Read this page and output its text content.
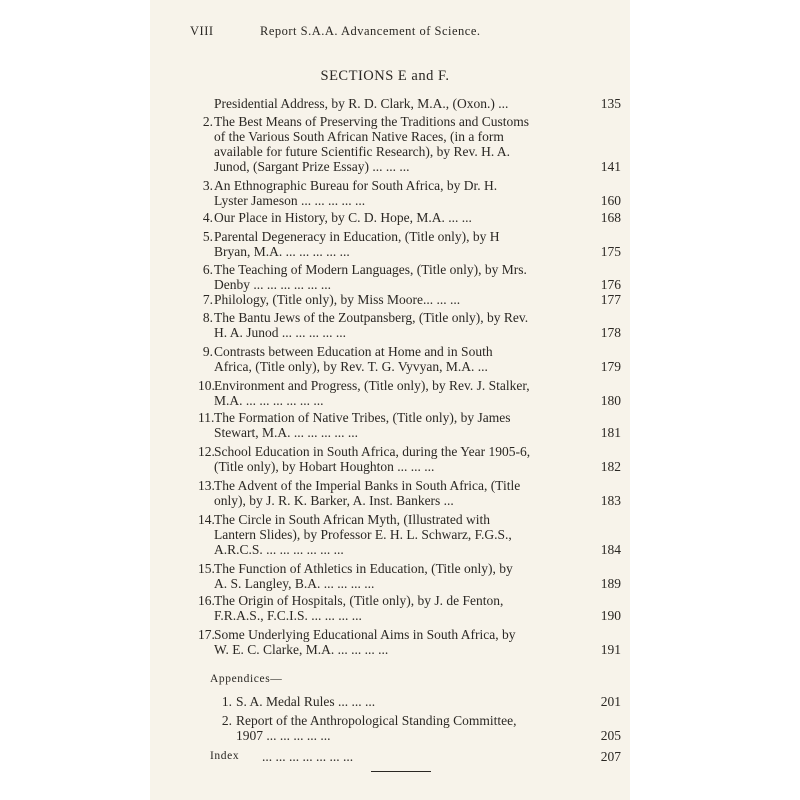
VIII	Report S.A.A. Advancement of Science.
SECTIONS E and F.
Presidential Address, by R. D. Clark, M.A., (Oxon.) ...	135
2. The Best Means of Preserving the Traditions and Customs
of the Various South African Native Races, (in a form
available for future Scientific Research), by Rev. H. A.
Junod, (Sargant Prize Essay) ... ... ...	141
3. An Ethnographic Bureau for South Africa, by Dr. H.
Lyster Jameson ... ... ... ... ...	160
4. Our Place in History, by C. D. Hope, M.A. ... ...	168
5. Parental Degeneracy in Education, (Title only), by H
Bryan, M.A. ... ... ... ... ...	175
6. The Teaching of Modern Languages, (Title only), by Mrs.
Denby ... ... ... ... ... ...	176
7. Philology, (Title only), by Miss Moore... ... ...	177
8. The Bantu Jews of the Zoutpansberg, (Title only), by Rev.
H. A. Junod ... ... ... ... ...	178
9. Contrasts between Education at Home and in South
Africa, (Title only), by Rev. T. G. Vyvyan, M.A. ...	179
10. Environment and Progress, (Title only), by Rev. J. Stalker,
M.A. ... ... ... ... ... ...	180
11. The Formation of Native Tribes, (Title only), by James
Stewart, M.A. ... ... ... ... ...	181
12. School Education in South Africa, during the Year 1905-6,
(Title only), by Hobart Houghton ... ... ...	182
13. The Advent of the Imperial Banks in South Africa, (Title
only), by J. R. K. Barker, A. Inst. Bankers ...	183
14. The Circle in South African Myth, (Illustrated with
Lantern Slides), by Professor E. H. L. Schwarz, F.G.S.,
A.R.C.S. ... ... ... ... ... ...	184
15. The Function of Athletics in Education, (Title only), by
A. S. Langley, B.A. ... ... ... ...	189
16. The Origin of Hospitals, (Title only), by J. de Fenton,
F.R.A.S., F.C.I.S. ... ... ... ...	190
17. Some Underlying Educational Aims in South Africa, by
W. E. C. Clarke, M.A. ... ... ... ...	191
Appendices—
1. S. A. Medal Rules ... ... ...	201
2. Report of the Anthropological Standing Committee,
1907 ... ... ... ... ...	205
Index ... ... ... ... ... ... ...	207
